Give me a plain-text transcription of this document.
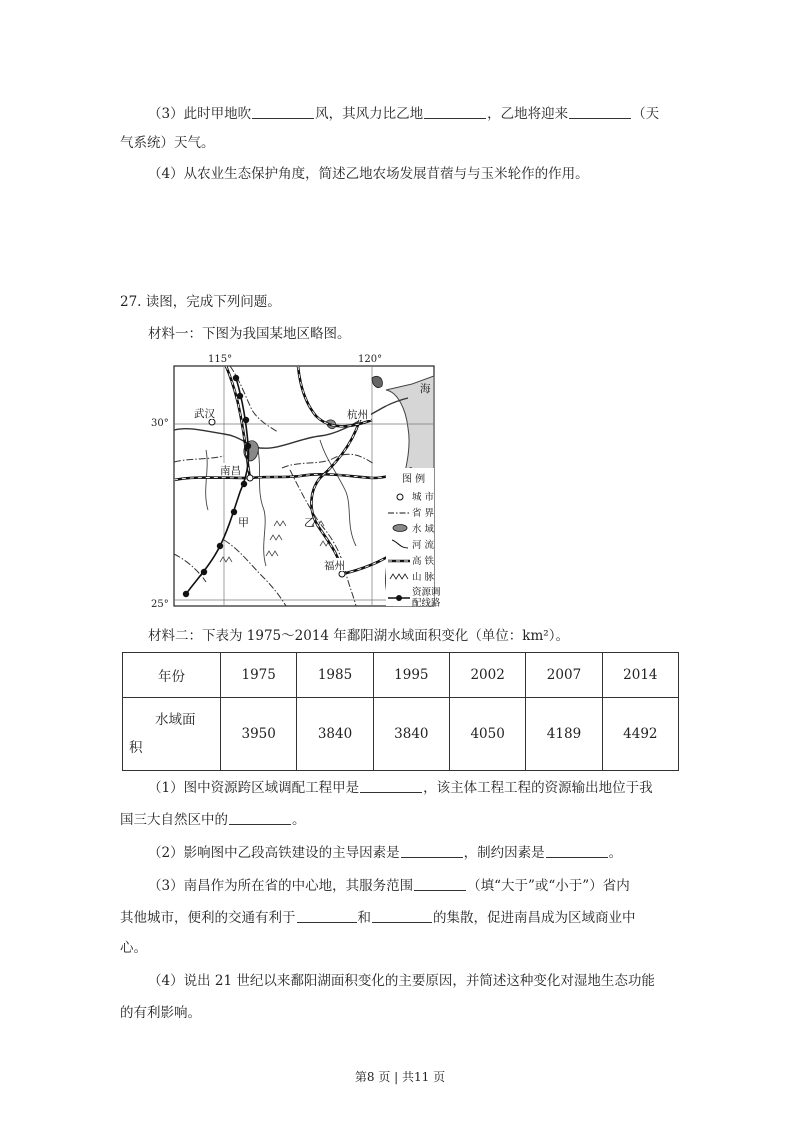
（3）此时甲地吹	风，其风力比乙地	，乙地将迎来	（天
气系统）天气。
（4）从农业生态保护角度，简述乙地农场发展苜蓿与与玉米轮作的作用。
27. 读图，完成下列问题。
材料一：下图为我国某地区略图。
115°	120°
30°
25°
武汉
南昌
杭州
福州
海
甲	乙
图 例
城 市
省 界
水 域
河 流
高 铁
山 脉
资源调
配线路
材料二：下表为 1975～2014 年鄱阳湖水域面积变化（单位：km²）。
年份	1975	1985	1995	2002	2007	2014

水域面
积	3950	3840	3840	4050	4189	4492
（1）图中资源跨区域调配工程甲是	，该主体工程工程的资源输出地位于我
国三大自然区中的	。
（2）影响图中乙段高铁建设的主导因素是	，制约因素是	。
（3）南昌作为所在省的中心地，其服务范围	（填“大于”或“小于”）省内
其他城市，便利的交通有利于	和	的集散，促进南昌成为区域商业中
心。
（4）说出 21 世纪以来鄱阳湖面积变化的主要原因，并简述这种变化对湿地生态功能
的有利影响。
第8 页 | 共11 页
